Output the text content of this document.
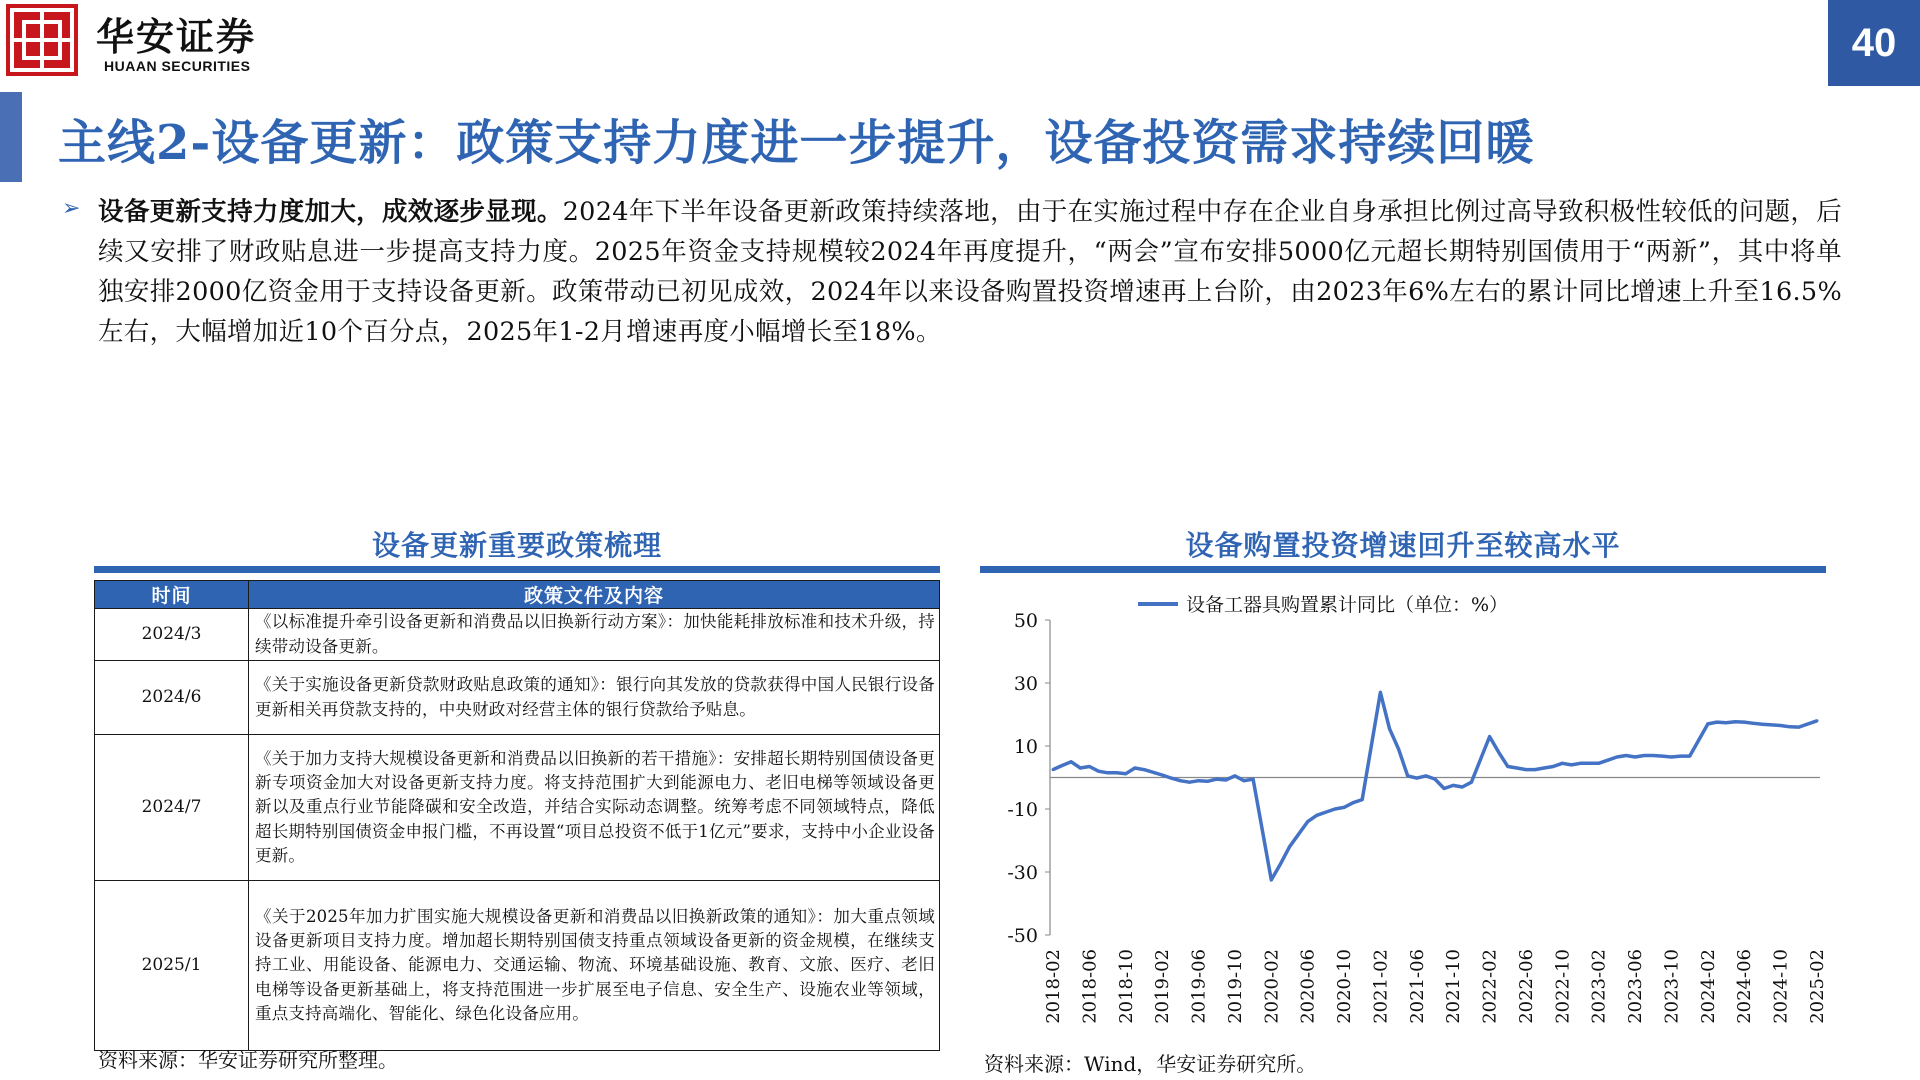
华安证券
HUAAN SECURITIES
40
主线2-设备更新：政策支持力度进一步提升，设备投资需求持续回暖
➢ 设备更新支持力度加大，成效逐步显现。2024年下半年设备更新政策持续落地，由于在实施过程中存在企业自身承担比例过高导致积极性较低的问题，后续又安排了财政贴息进一步提高支持力度。2025年资金支持规模较2024年再度提升，“两会”宣布安排5000亿元超长期特别国债用于“两新”，其中将单独安排2000亿资金用于支持设备更新。政策带动已初见成效，2024年以来设备购置投资增速再上台阶，由2023年6%左右的累计同比增速上升至16.5%左右，大幅增加近10个百分点，2025年1-2月增速再度小幅增长至18%。

设备更新重要政策梳理
时间	政策文件及内容
2024/3	《以标准提升牵引设备更新和消费品以旧换新行动方案》：加快能耗排放标准和技术升级，持续带动设备更新。
2024/6	《关于实施设备更新贷款财政贴息政策的通知》：银行向其发放的贷款获得中国人民银行设备更新相关再贷款支持的，中央财政对经营主体的银行贷款给予贴息。
2024/7	《关于加力支持大规模设备更新和消费品以旧换新的若干措施》：安排超长期特别国债设备更新专项资金加大对设备更新支持力度。将支持范围扩大到能源电力、老旧电梯等领域设备更新以及重点行业节能降碳和安全改造，并结合实际动态调整。统筹考虑不同领域特点，降低超长期特别国债资金申报门槛，不再设置“项目总投资不低于1亿元”要求，支持中小企业设备更新。
2025/1	《关于2025年加力扩围实施大规模设备更新和消费品以旧换新政策的通知》：加大重点领域设备更新项目支持力度。增加超长期特别国债支持重点领域设备更新的资金规模，在继续支持工业、用能设备、能源电力、交通运输、物流、环境基础设施、教育、文旅、医疗、老旧电梯等设备更新基础上，将支持范围进一步扩展至电子信息、安全生产、设施农业等领域，重点支持高端化、智能化、绿色化设备应用。
资料来源：华安证券研究所整理。
设备购置投资增速回升至较高水平
设备工器具购置累计同比（单位：%）
-50
-30
-10
10
30
50
2018-02 2018-06 2018-10 2019-02 2019-06 2019-10 2020-02 2020-06 2020-10 2021-02 2021-06 2021-10 2022-02 2022-06 2022-10 2023-02 2023-06 2023-10 2024-02 2024-06 2024-10 2025-02
资料来源：Wind，华安证券研究所。
